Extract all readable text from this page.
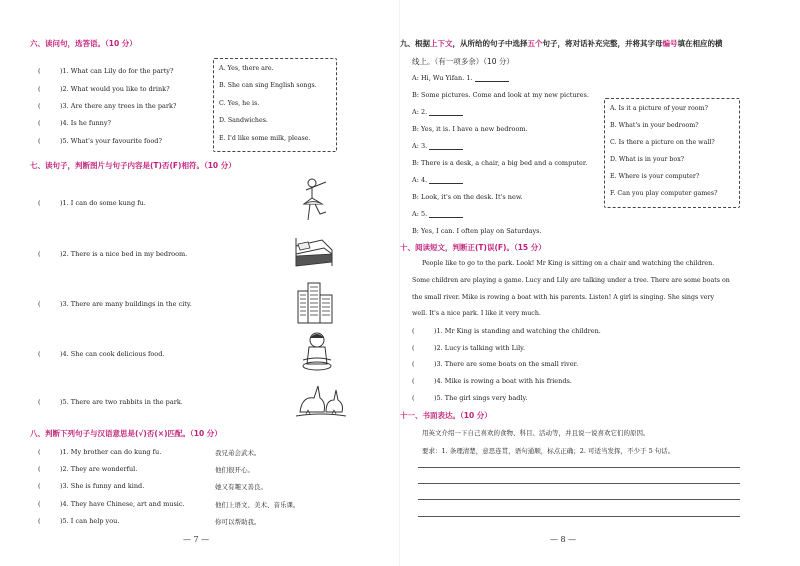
六、读问句，选答语。（10 分）
(	)1. What can Lily do for the party?
(	)2. What would you like to drink?
(	)3. Are there any trees in the park?
(	)4. Is he funny?
(	)5. What's your favourite food?
A. Yes, there are.
B. She can sing English songs.
C. Yes, he is.
D. Sandwiches.
E. I'd like some milk, please.
七、读句子，判断图片与句子内容是(T)否(F)相符。（10 分）
(	)1. I can do some kung fu.
(	)2. There is a nice bed in my bedroom.
(	)3. There are many buildings in the city.
(	)4. She can cook delicious food.
(	)5. There are two rabbits in the park.
八、判断下列句子与汉语意思是(√)否(×)匹配。（10 分）
(	)1. My brother can do kung fu.	我兄弟会武术。
(	)2. They are wonderful.	他们很开心。
(	)3. She is funny and kind.	她又有趣又善良。
(	)4. They have Chinese, art and music.	他们上语文、美术、音乐课。
(	)5. I can help you.	你可以帮助我。
— 7 —
九、根据上下文，从所给的句子中选择五个句子，将对话补充完整，并将其字母编号填在相应的横
线上。（有一项多余）（10 分）
A: Hi, Wu Yifan. 1.
B: Some pictures. Come and look at my new pictures.
A: 2.
B: Yes, it is. I have a new bedroom.
A: 3.
B: There is a desk, a chair, a big bed and a computer.
A: 4.
B: Look, it's on the desk. It's new.
A: 5.
B: Yes, I can. I often play on Saturdays.
A. Is it a picture of your room?
B. What's in your bedroom?
C. Is there a picture on the wall?
D. What is in your box?
E. Where is your computer?
F. Can you play computer games?
十、阅读短文，判断正(T)误(F)。（15 分）
People like to go to the park. Look! Mr King is sitting on a chair and watching the children.
Some children are playing a game. Lucy and Lily are talking under a tree. There are some boats on
the small river. Mike is rowing a boat with his parents. Listen! A girl is singing. She sings very
well. It's a nice park. I like it very much.
(	)1. Mr King is standing and watching the children.
(	)2. Lucy is talking with Lily.
(	)3. There are some boats on the small river.
(	)4. Mike is rowing a boat with his friends.
(	)5. The girl sings very badly.
十一、书面表达。（10 分）
用英文介绍一下自己喜欢的食物、科目、活动等，并且说一说喜欢它们的原因。
要求：1. 条理清楚，意思连贯，语句通顺，标点正确；2. 可适当发挥，不少于 5 句话。
— 8 —
